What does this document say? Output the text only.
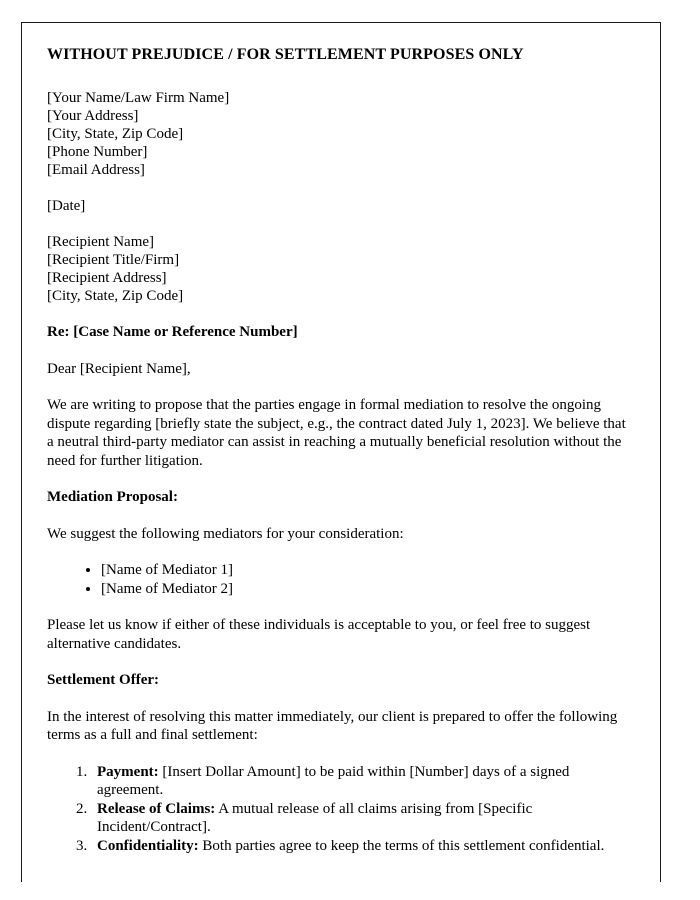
WITHOUT PREJUDICE / FOR SETTLEMENT PURPOSES ONLY
[Your Name/Law Firm Name]
[Your Address]
[City, State, Zip Code]
[Phone Number]
[Email Address]
[Date]
[Recipient Name]
[Recipient Title/Firm]
[Recipient Address]
[City, State, Zip Code]
Re: [Case Name or Reference Number]
Dear [Recipient Name],
We are writing to propose that the parties engage in formal mediation to resolve the ongoing dispute regarding [briefly state the subject, e.g., the contract dated July 1, 2023]. We believe that a neutral third-party mediator can assist in reaching a mutually beneficial resolution without the need for further litigation.
Mediation Proposal:
We suggest the following mediators for your consideration:
• [Name of Mediator 1]
• [Name of Mediator 2]
Please let us know if either of these individuals is acceptable to you, or feel free to suggest alternative candidates.
Settlement Offer:
In the interest of resolving this matter immediately, our client is prepared to offer the following terms as a full and final settlement:
1. Payment: [Insert Dollar Amount] to be paid within [Number] days of a signed agreement.
2. Release of Claims: A mutual release of all claims arising from [Specific Incident/Contract].
3. Confidentiality: Both parties agree to keep the terms of this settlement confidential.
